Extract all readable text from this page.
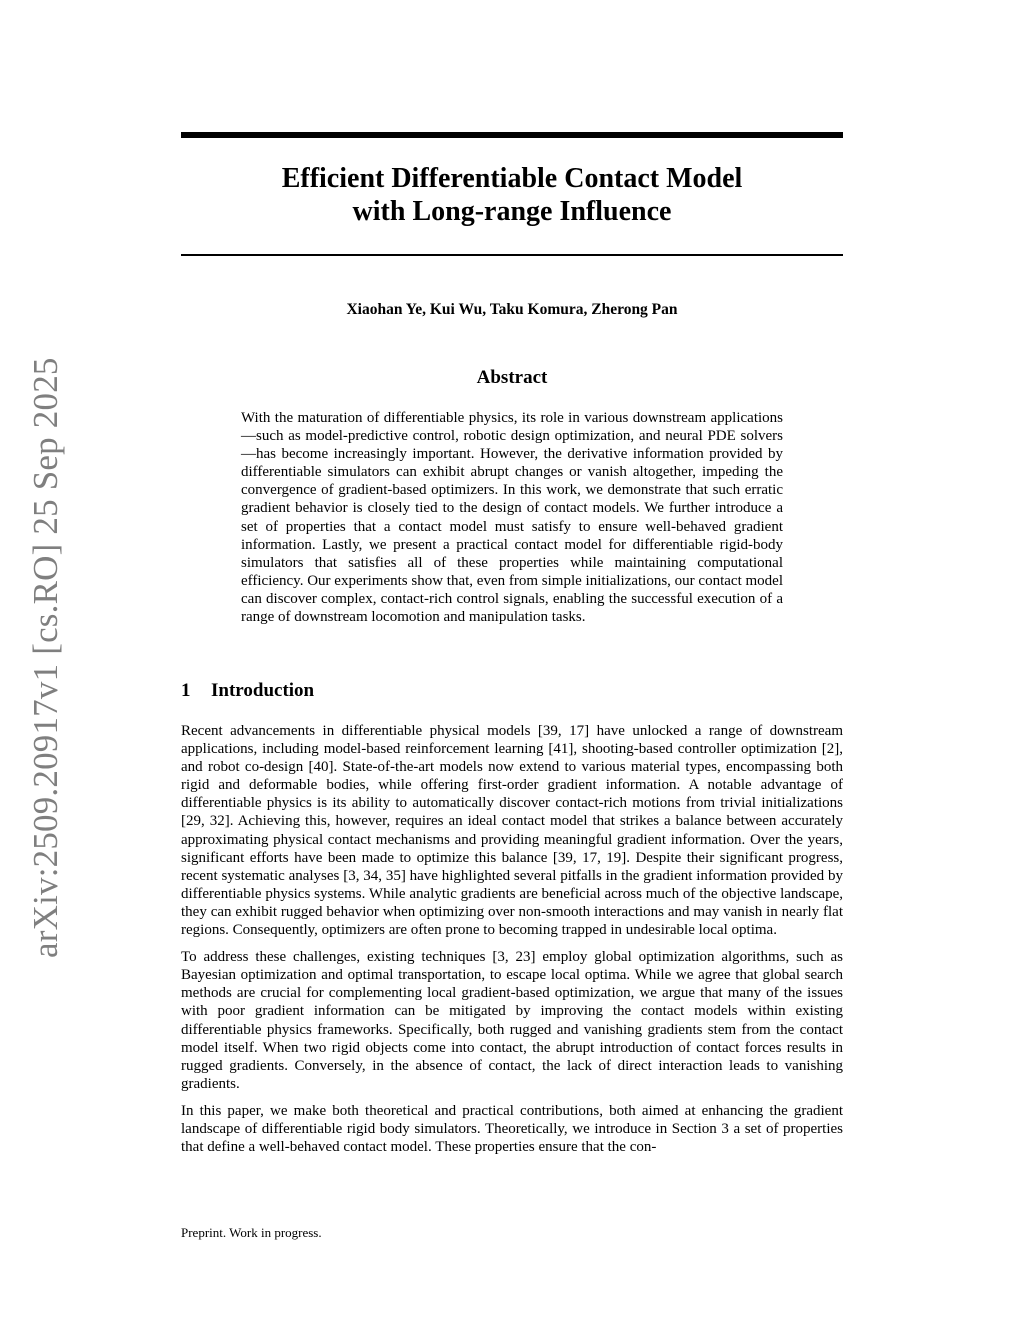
arXiv:2509.20917v1 [cs.RO] 25 Sep 2025
Efficient Differentiable Contact Model
with Long-range Influence
Xiaohan Ye, Kui Wu, Taku Komura, Zherong Pan
Abstract
With the maturation of differentiable physics, its role in various downstream applications—such as model-predictive control, robotic design optimization, and neural PDE solvers—has become increasingly important. However, the derivative information provided by differentiable simulators can exhibit abrupt changes or vanish altogether, impeding the convergence of gradient-based optimizers. In this work, we demonstrate that such erratic gradient behavior is closely tied to the design of contact models. We further introduce a set of properties that a contact model must satisfy to ensure well-behaved gradient information. Lastly, we present a practical contact model for differentiable rigid-body simulators that satisfies all of these properties while maintaining computational efficiency. Our experiments show that, even from simple initializations, our contact model can discover complex, contact-rich control signals, enabling the successful execution of a range of downstream locomotion and manipulation tasks.
1 Introduction

Recent advancements in differentiable physical models [39, 17] have unlocked a range of downstream applications, including model-based reinforcement learning [41], shooting-based controller optimization [2], and robot co-design [40]. State-of-the-art models now extend to various material types, encompassing both rigid and deformable bodies, while offering first-order gradient information. A notable advantage of differentiable physics is its ability to automatically discover contact-rich motions from trivial initializations [29, 32]. Achieving this, however, requires an ideal contact model that strikes a balance between accurately approximating physical contact mechanisms and providing meaningful gradient information. Over the years, significant efforts have been made to optimize this balance [39, 17, 19]. Despite their significant progress, recent systematic analyses [3, 34, 35] have highlighted several pitfalls in the gradient information provided by differentiable physics systems. While analytic gradients are beneficial across much of the objective landscape, they can exhibit rugged behavior when optimizing over non-smooth interactions and may vanish in nearly flat regions. Consequently, optimizers are often prone to becoming trapped in undesirable local optima.

To address these challenges, existing techniques [3, 23] employ global optimization algorithms, such as Bayesian optimization and optimal transportation, to escape local optima. While we agree that global search methods are crucial for complementing local gradient-based optimization, we argue that many of the issues with poor gradient information can be mitigated by improving the contact models within existing differentiable physics frameworks. Specifically, both rugged and vanishing gradients stem from the contact model itself. When two rigid objects come into contact, the abrupt introduction of contact forces results in rugged gradients. Conversely, in the absence of contact, the lack of direct interaction leads to vanishing gradients.

In this paper, we make both theoretical and practical contributions, both aimed at enhancing the gradient landscape of differentiable rigid body simulators. Theoretically, we introduce in Section 3 a set of properties that define a well-behaved contact model. These properties ensure that the con-

Preprint. Work in progress.
